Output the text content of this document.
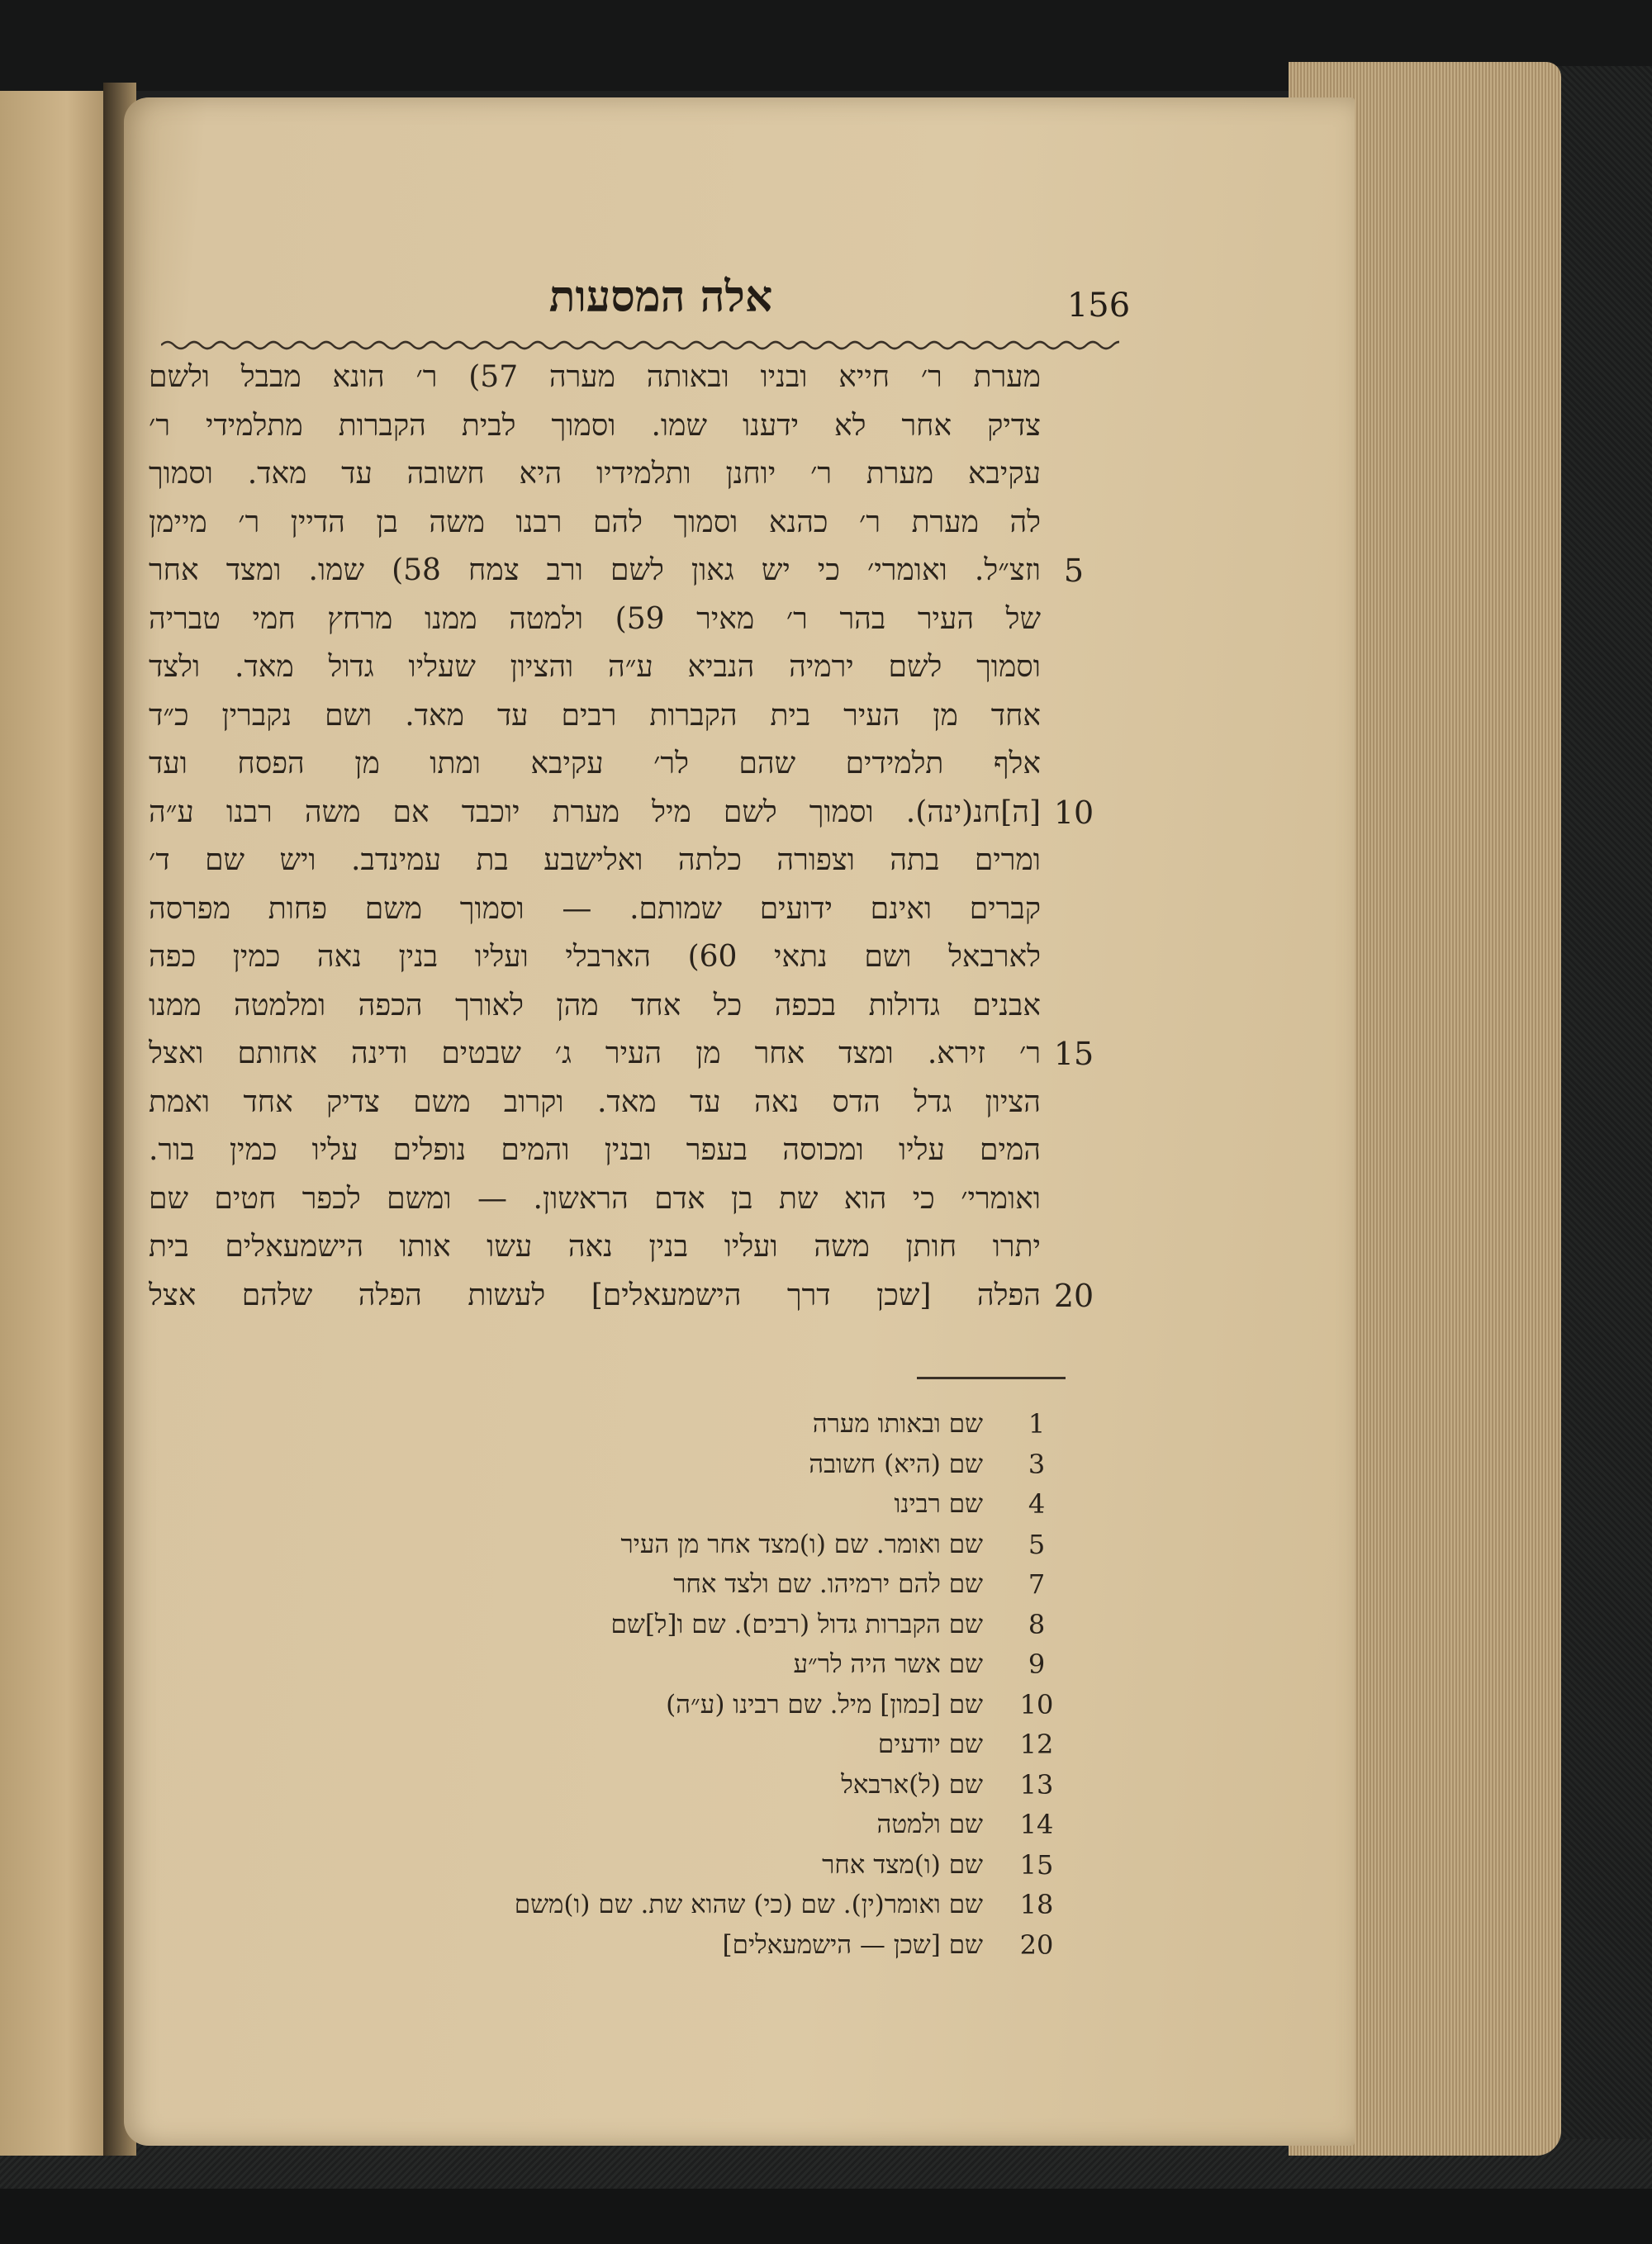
אלה המסעות	156
מערת ר׳ חייא ובניו ובאותה מערה 57) ר׳ הונא מבבל ולשם
צדיק אחר לא ידענו שמו. וסמוך לבית הקברות מתלמידי ר׳
עקיבא מערת ר׳ יוחנן ותלמידיו היא חשובה עד מאד. וסמוך
לה מערת ר׳ כהנא וסמוך להם רבנו משה בן הדיין ר׳ מיימן
וזצ״ל. ואומרי׳ כי יש גאון לשם ורב צמח 58) שמו. ומצד אחר
של העיר בהר ר׳ מאיר 59) ולמטה ממנו מרחץ חמי טבריה
וסמוך לשם ירמיה הנביא ע״ה והציון שעליו גדול מאד. ולצד
אחד מן העיר בית הקברות רבים עד מאד. ושם נקברין כ״ד
אלף תלמידים שהם לר׳ עקיבא ומתו מן הפסח ועד
[ה]חנ(ינה). וסמוך לשם מיל מערת יוכבד אם משה רבנו ע״ה
ומרים בתה וצפורה כלתה ואלישבע בת עמינדב. ויש שם ד׳
קברים ואינם ידועים שמותם. — וסמוך משם פחות מפרסה
לארבאל ושם נתאי 60) הארבלי ועליו בנין נאה כמין כפה
אבנים גדולות בכפה כל אחד מהן לאורך הכפה ומלמטה ממנו
ר׳ זירא. ומצד אחר מן העיר ג׳ שבטים ודינה אחותם ואצל
הציון גדל הדס נאה עד מאד. וקרוב משם צדיק אחד ואמת
המים עליו ומכוסה בעפר ובנין והמים נופלים עליו כמין בור.
ואומרי׳ כי הוא שת בן אדם הראשון. — ומשם לכפר חטים שם
יתרו חותן משה ועליו בנין נאה עשו אותו הישמעאלים בית
הפלה [שכן דרך הישמעאלים] לעשות הפלה שלהם אצל
שם ובאותו מערה	1
שם (היא) חשובה	3
שם רבינו	4
שם ואומר. שם (ו)מצד אחר מן העיר	5
שם להם ירמיהו. שם ולצד אחר	7
שם הקברות גדול (רבים). שם ו[ל]שם	8
שם אשר היה לר״ע	9
שם [כמון] מיל. שם רבינו (ע״ה)	10
שם יודעים	12
שם (ל)ארבאל	13
שם ולמטה	14
שם (ו)מצד אחר	15
שם ואומר(ין). שם (כי) שהוא שת. שם (ו)משם	18
שם [שכן — הישמעאלים]	20
5
10
15
20
